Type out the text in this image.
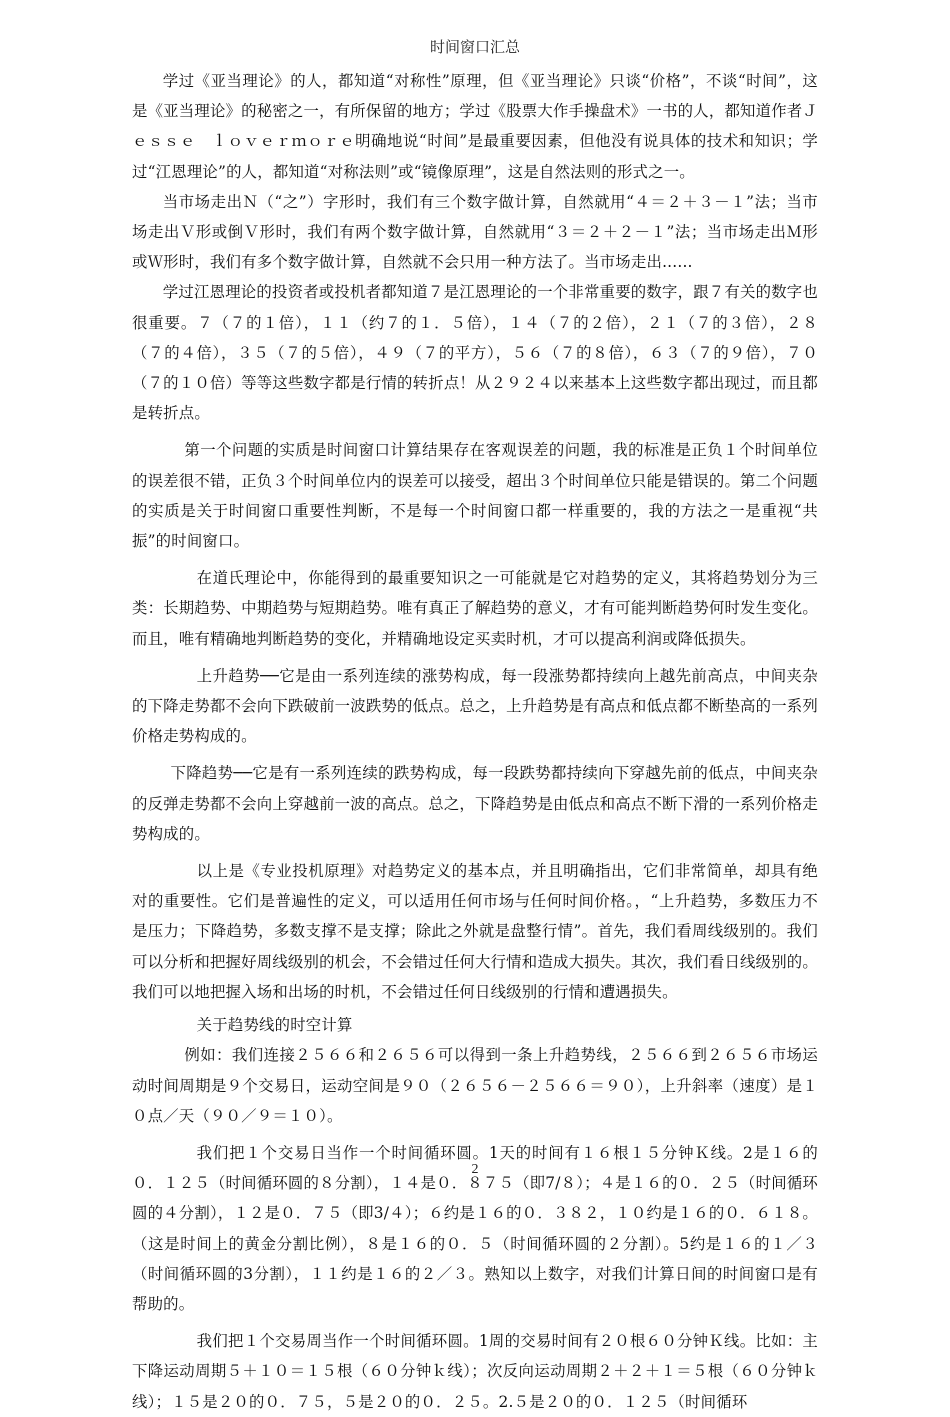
时间窗口汇总

学过《亚当理论》的人，都知道“对称性”原理，但《亚当理论》只谈“价格”，不谈“时间”，这是《亚当理论》的秘密之一，有所保留的地方；学过《股票大作手操盘术》一书的人，都知道作者Ｊｅｓｓｅ　ｌｏｖｅｒｍｏｒｅ明确地说“时间”是最重要因素，但他没有说具体的技术和知识；学过“江恩理论”的人，都知道“对称法则”或“镜像原理”，这是自然法则的形式之一。

当市场走出Ｎ（“之”）字形时，我们有三个数字做计算，自然就用“４＝２＋３－１”法；当市场走出Ｖ形或倒Ｖ形时，我们有两个数字做计算，自然就用“３＝２＋２－１”法；当市场走出Ｍ形或Ｗ形时，我们有多个数字做计算，自然就不会只用一种方法了。当市场走出......

学过江恩理论的投资者或投机者都知道７是江恩理论的一个非常重要的数字，跟７有关的数字也很重要。７（７的１倍），１１（约７的１．５倍），１４（７的２倍），２１（７的３倍），２８（７的４倍），３５（７的５倍），４９（７的平方），５６（７的８倍），６３（７的９倍），７０（７的１０倍）等等这些数字都是行情的转折点！从２９２４以来基本上这些数字都出现过，而且都是转折点。

第一个问题的实质是时间窗口计算结果存在客观误差的问题，我的标准是正负１个时间单位的误差很不错，正负３个时间单位内的误差可以接受，超出３个时间单位只能是错误的。第二个问题的实质是关于时间窗口重要性判断，不是每一个时间窗口都一样重要的，我的方法之一是重视“共振”的时间窗口。

在道氏理论中，你能得到的最重要知识之一可能就是它对趋势的定义，其将趋势划分为三类：长期趋势、中期趋势与短期趋势。唯有真正了解趋势的意义，才有可能判断趋势何时发生变化。而且，唯有精确地判断趋势的变化，并精确地设定买卖时机，才可以提高利润或降低损失。

上升趋势──它是由一系列连续的涨势构成，每一段涨势都持续向上越先前高点，中间夹杂的下降走势都不会向下跌破前一波跌势的低点。总之，上升趋势是有高点和低点都不断垫高的一系列价格走势构成的。

下降趋势──它是有一系列连续的跌势构成，每一段跌势都持续向下穿越先前的低点，中间夹杂的反弹走势都不会向上穿越前一波的高点。总之，下降趋势是由低点和高点不断下滑的一系列价格走势构成的。

以上是《专业投机原理》对趋势定义的基本点，并且明确指出，它们非常简单，却具有绝对的重要性。它们是普遍性的定义，可以适用任何市场与任何时间价格。，“上升趋势，多数压力不是压力；下降趋势，多数支撑不是支撑；除此之外就是盘整行情”。首先，我们看周线级别的。我们可以分析和把握好周线级别的机会，不会错过任何大行情和造成大损失。其次，我们看日线级别的。我们可以地把握入场和出场的时机，不会错过任何日线级别的行情和遭遇损失。

关于趋势线的时空计算

例如：我们连接２５６６和２６５６可以得到一条上升趋势线，２５６６到２６５６市场运动时间周期是９个交易日，运动空间是９０（２６５６－２５６６＝９０），上升斜率（速度）是１０点／天（９０／９＝１０）。

我们把１个交易日当作一个时间循环圆。1天的时间有１６根１５分钟Ｋ线。2是１６的０．１２５（时间循环圆的８分割），１４是０．８７５（即7/８）；４是１６的０．２５（时间循环圆的４分割），１２是０．７５（即3/４）；６约是１６的０．３８２，１０约是１６的０．６１８。（这是时间上的黄金分割比例），８是１６的０．５（时间循环圆的２分割）。5约是１６的１／３（时间循环圆的3分割），１１约是１６的２／３。熟知以上数字，对我们计算日间的时间窗口是有帮助的。

我们把１个交易周当作一个时间循环圆。1周的交易时间有２０根６０分钟Ｋ线。比如：主下降运动周期５＋１０＝１５根（６０分钟ｋ线）；次反向运动周期２＋２＋１＝５根（６０分钟ｋ线）；１５是２０的０．７５，５是２０的０．２５。2.５是２０的０．１２５（时间循环

2
